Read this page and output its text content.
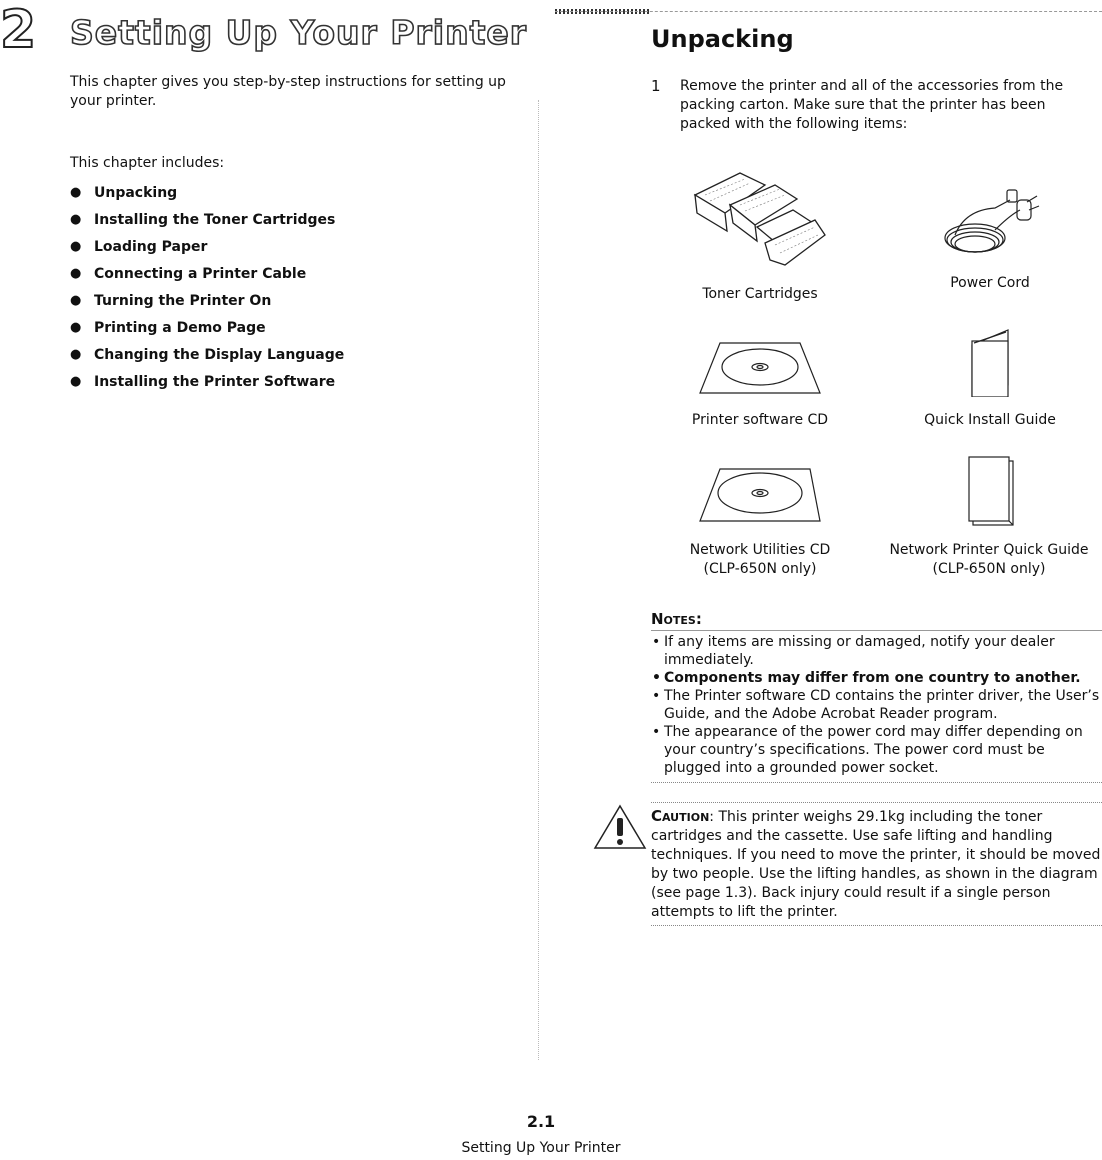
2 Setting Up Your Printer
This chapter gives you step-by-step instructions for setting up your printer.
This chapter includes:
● Unpacking
● Installing the Toner Cartridges
● Loading Paper
● Connecting a Printer Cable
● Turning the Printer On
● Printing a Demo Page
● Changing the Display Language
● Installing the Printer Software
Unpacking
1 Remove the printer and all of the accessories from the packing carton. Make sure that the printer has been packed with the following items:
Toner Cartridges
Power Cord
Printer software CD	Quick Install Guide
Network Utilities CD
(CLP-650N only)
Network Printer Quick Guide
(CLP-650N only)
Notes:
• If any items are missing or damaged, notify your dealer immediately.
• Components may differ from one country to another.
• The Printer software CD contains the printer driver, the User’s Guide, and the Adobe Acrobat Reader program.
• The appearance of the power cord may differ depending on your country’s specifications. The power cord must be plugged into a grounded power socket.
Caution: This printer weighs 29.1kg including the toner cartridges and the cassette. Use safe lifting and handling techniques. If you need to move the printer, it should be moved by two people. Use the lifting handles, as shown in the diagram (see page 1.3). Back injury could result if a single person attempts to lift the printer.
2.1
Setting Up Your Printer
